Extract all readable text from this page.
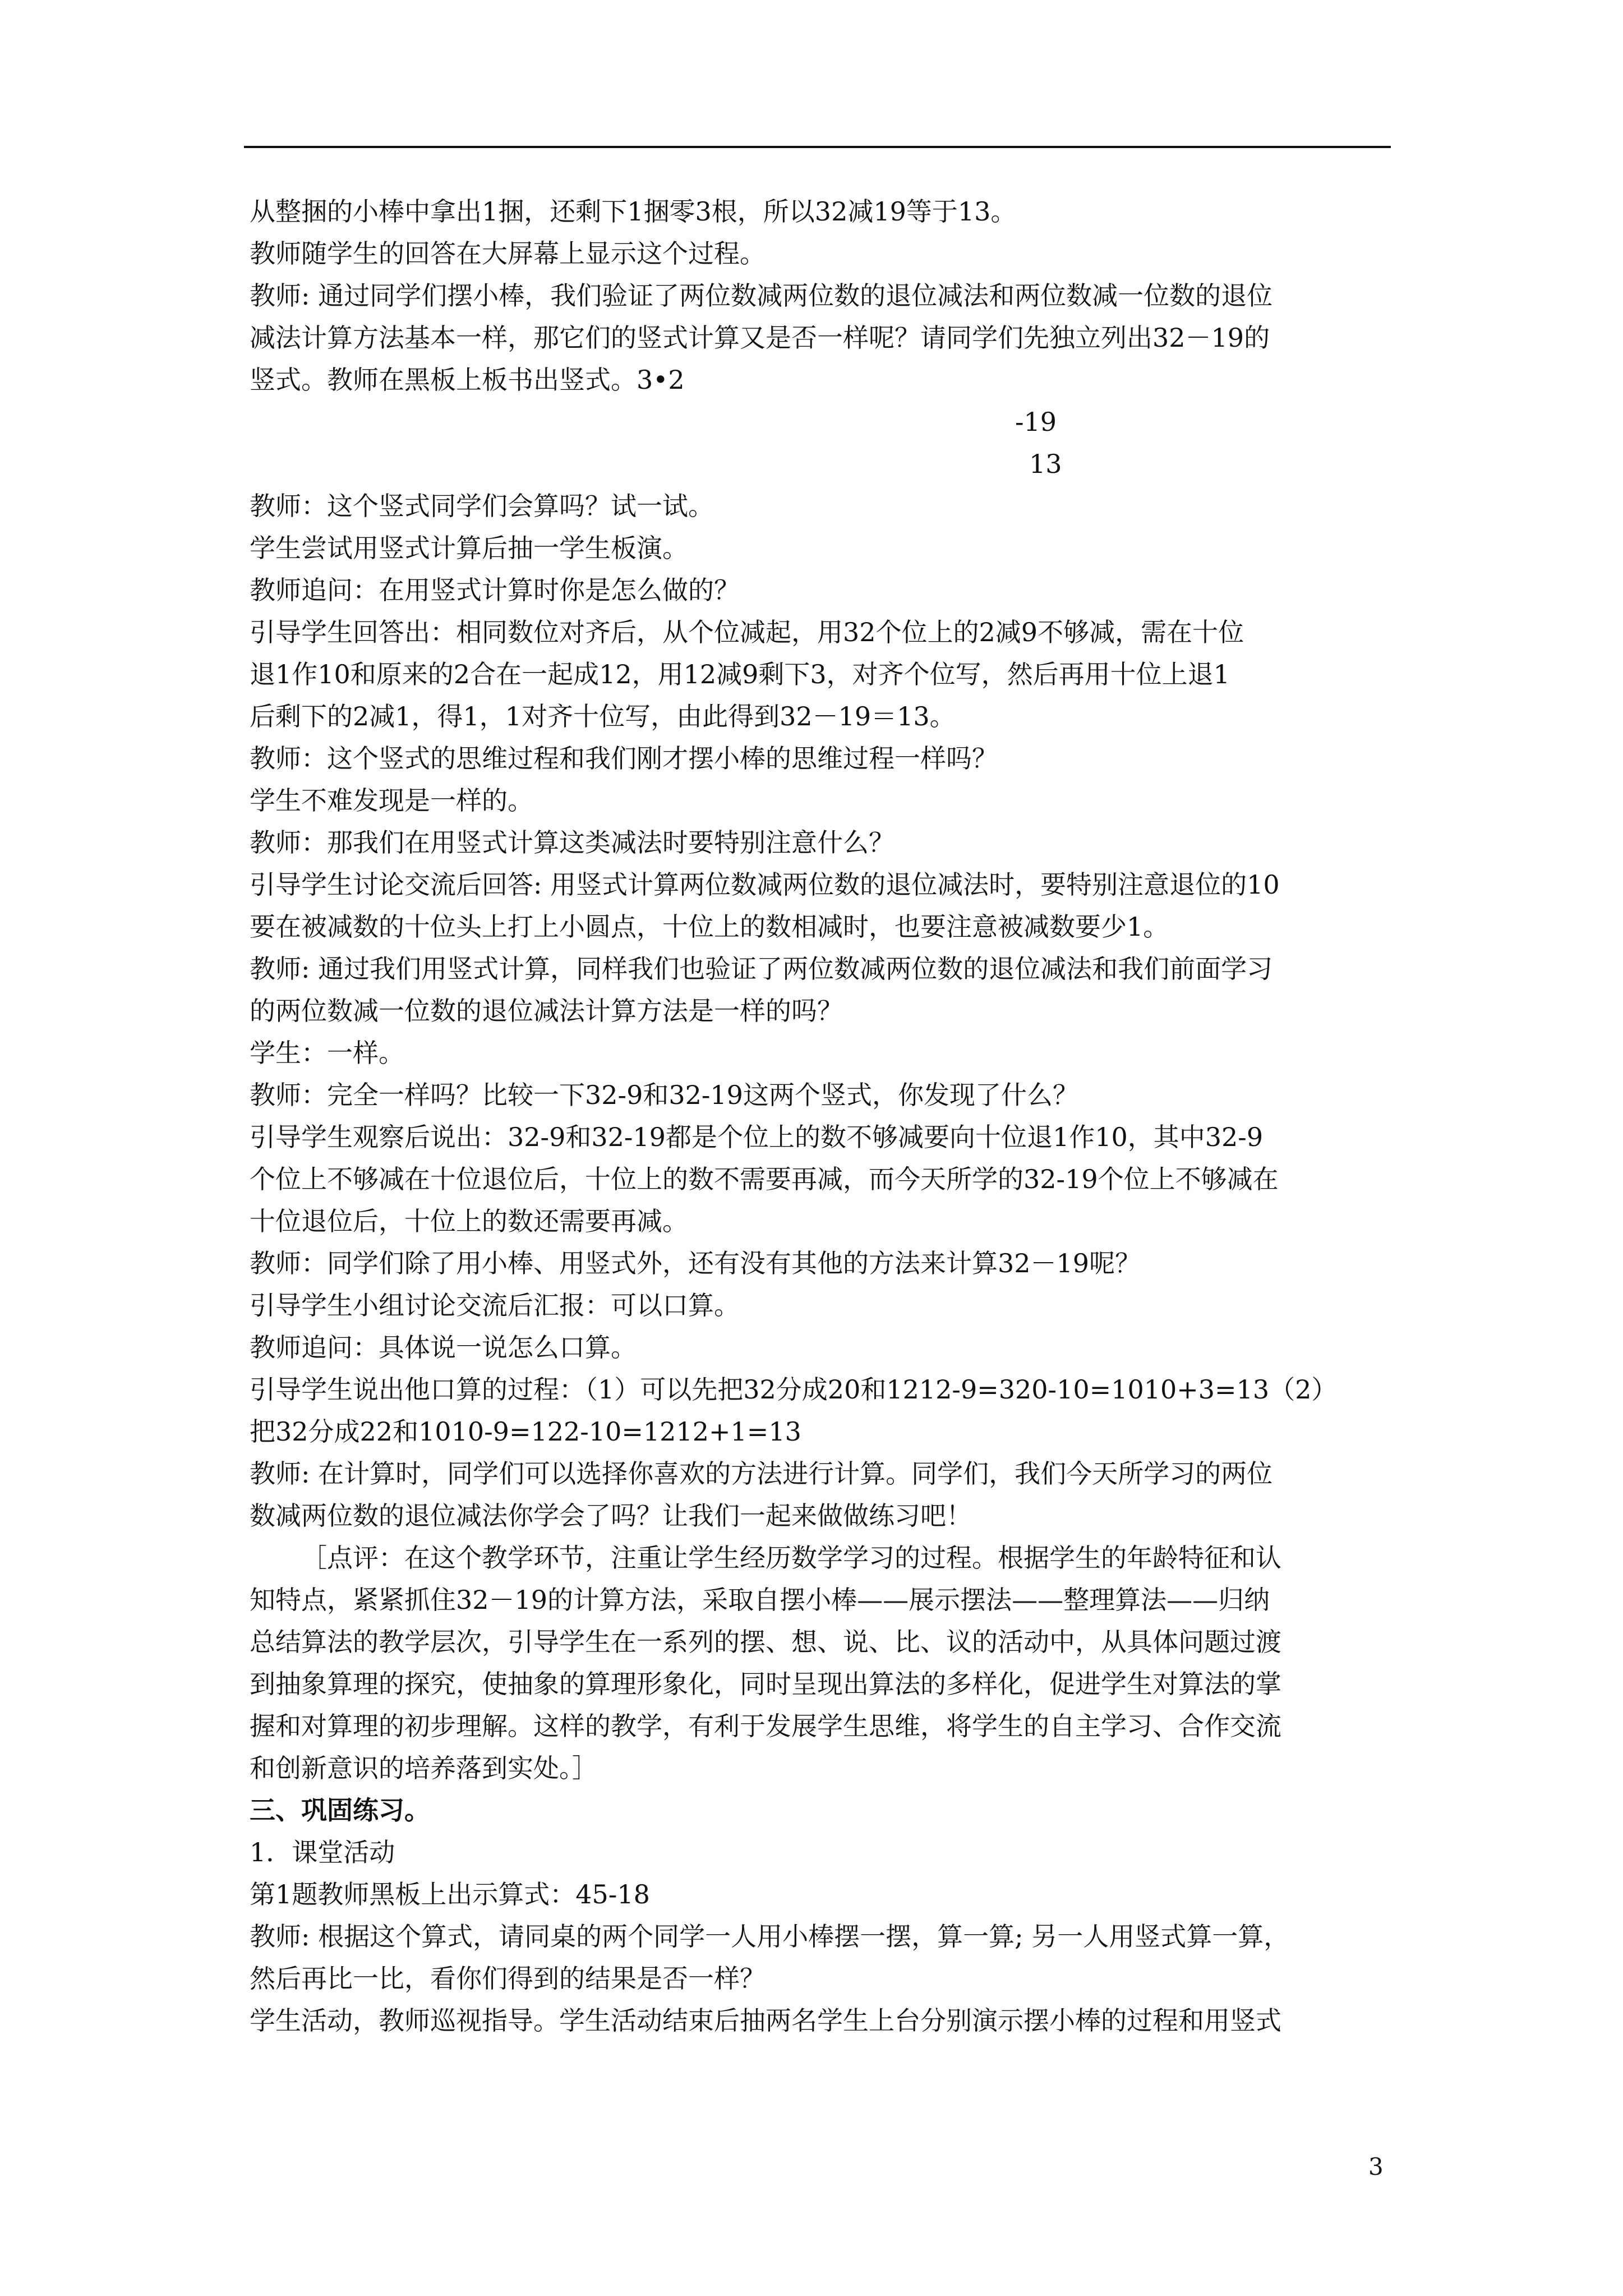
从整捆的小棒中拿出1捆，还剩下1捆零3根，所以32减19等于13。
教师随学生的回答在大屏幕上显示这个过程。
教师: 通过同学们摆小棒，我们验证了两位数减两位数的退位减法和两位数减一位数的退位
减法计算方法基本一样，那它们的竖式计算又是否一样呢？请同学们先独立列出32－19的
竖式。教师在黑板上板书出竖式。3•2
-19
13
教师：这个竖式同学们会算吗？试一试。
学生尝试用竖式计算后抽一学生板演。
教师追问：在用竖式计算时你是怎么做的？
引导学生回答出：相同数位对齐后，从个位减起，用32个位上的2减9不够减，需在十位
退1作10和原来的2合在一起成12，用12减9剩下3，对齐个位写，然后再用十位上退1
后剩下的2减1，得1，1对齐十位写，由此得到32－19＝13。
教师：这个竖式的思维过程和我们刚才摆小棒的思维过程一样吗？
学生不难发现是一样的。
教师：那我们在用竖式计算这类减法时要特别注意什么？
引导学生讨论交流后回答: 用竖式计算两位数减两位数的退位减法时，要特别注意退位的10
要在被减数的十位头上打上小圆点，十位上的数相减时，也要注意被减数要少1。
教师: 通过我们用竖式计算，同样我们也验证了两位数减两位数的退位减法和我们前面学习
的两位数减一位数的退位减法计算方法是一样的吗？
学生：一样。
教师：完全一样吗？比较一下32-9和32-19这两个竖式，你发现了什么？
引导学生观察后说出：32-9和32-19都是个位上的数不够减要向十位退1作10，其中32-9
个位上不够减在十位退位后，十位上的数不需要再减，而今天所学的32-19个位上不够减在
十位退位后，十位上的数还需要再减。
教师：同学们除了用小棒、用竖式外，还有没有其他的方法来计算32－19呢？
引导学生小组讨论交流后汇报：可以口算。
教师追问：具体说一说怎么口算。
引导学生说出他口算的过程：（1）可以先把32分成20和1212-9=320-10=1010+3=13（2）
把32分成22和1010-9=122-10=1212+1=13
教师: 在计算时，同学们可以选择你喜欢的方法进行计算。同学们，我们今天所学习的两位
数减两位数的退位减法你学会了吗？让我们一起来做做练习吧！
［点评：在这个教学环节，注重让学生经历数学学习的过程。根据学生的年龄特征和认
知特点，紧紧抓住32－19的计算方法，采取自摆小棒——展示摆法——整理算法——归纳
总结算法的教学层次，引导学生在一系列的摆、想、说、比、议的活动中，从具体问题过渡
到抽象算理的探究，使抽象的算理形象化，同时呈现出算法的多样化，促进学生对算法的掌
握和对算理的初步理解。这样的教学，有利于发展学生思维，将学生的自主学习、合作交流
和创新意识的培养落到实处。］
三、巩固练习。
1．课堂活动
第1题教师黑板上出示算式：45-18
教师: 根据这个算式，请同桌的两个同学一人用小棒摆一摆，算一算; 另一人用竖式算一算，
然后再比一比，看你们得到的结果是否一样？
学生活动，教师巡视指导。学生活动结束后抽两名学生上台分别演示摆小棒的过程和用竖式
3
